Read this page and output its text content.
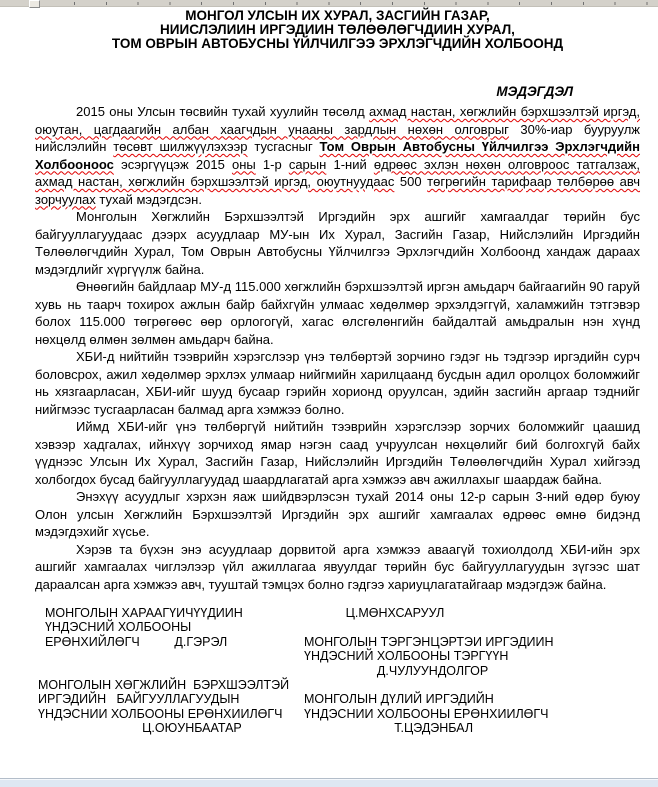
МОНГОЛ УЛСЫН ИХ ХУРАЛ, ЗАСГИЙН ГАЗАР,
НИИСЛЭЛИИН ИРГЭДИИН ТӨЛӨӨЛӨГЧДИИН ХУРАЛ,
ТОМ ОВРЫН АВТОБУСНЫ ҮЙЛЧИЛГЭЭ ЭРХЛЭГЧДИЙН ХОЛБООНД
МЭДЭГДЭЛ

2015 оны Улсын төсвийн тухай хуулийн төсөлд ахмад настан, хөгжлийн бэрхшээлтэй иргэд, оюутан, цагдаагийн албан хаагчдын унааны зардлын нөхөн олговрыг 30%-иар бууруулж нийслэлийн төсөвт шилжүүлэхээр тусгасныг Том Оврын Автобусны Үйлчилгээ Эрхлэгчдийн Холбооноос эсэргүүцэж 2015 оны 1-р сарын 1-ний өдрөөс эхлэн нөхөн олговроос татгалзаж, ахмад настан, хөгжлийн бэрхшээлтэй иргэд, оюутнуудаас 500 төгрөгийн тарифаар төлбөрөө авч зорчуулах тухай мэдэгдсэн.

Монголын Хөгжлийн Бэрхшээлтэй Иргэдийн эрх ашгийг хамгаалдаг төрийн бус байгууллагуудаас дээрх асуудлаар МУ-ын Их Хурал, Засгийн Газар, Нийслэлийн Иргэдийн Төлөөлөгчдийн Хурал, Том Оврын Автобусны Үйлчилгээ Эрхлэгчдийн Холбоонд хандаж дараах мэдэгдлийг хүргүүлж байна.

Өнөөгийн байдлаар МУ-д 115.000 хөгжлийн бэрхшээлтэй иргэн амьдарч байгаагийн 90 гаруй хувь нь таарч тохирох ажлын байр байхгүйн улмаас хөдөлмөр эрхэлдэггүй, халамжийн тэтгэвэр болох 115.000 төгрөгөөс өөр орлогогүй, хагас өлсгөлөнгийн байдалтай амьдралын нэн хүнд нөхцөлд өлмөн зөлмөн амьдарч байна.

ХБИ-д нийтийн тээврийн хэрэгслээр үнэ төлбөртэй зорчино гэдэг нь тэдгээр иргэдийн сурч боловсрох, ажил хөдөлмөр эрхлэх улмаар нийгмийн харилцаанд бусдын адил оролцох боломжийг нь хязгаарласан, ХБИ-ийг шууд бусаар гэрийн хорионд оруулсан, эдийн засгийн аргаар тэднийг нийгмээс тусгаарласан балмад арга хэмжээ болно.

Иймд ХБИ-ийг үнэ төлбөргүй нийтийн тээврийн хэрэгслээр зорчих боломжийг цаашид хэвээр хадгалах, ийнхүү зорчиход ямар нэгэн саад учруулсан нөхцөлийг бий болгохгүй байх үүднээс Улсын Их Хурал, Засгийн Газар, Нийслэлийн Иргэдийн Төлөөлөгчдийн Хурал хийгээд холбогдох бусад байгууллагуудад шаардлагатай арга хэмжээ авч ажиллахыг шаардаж байна.

Энэхүү асуудлыг хэрхэн яаж шийдвэрлэсэн тухай 2014 оны 12-р сарын 3-ний өдөр буюу Олон улсын Хөгжлийн Бэрхшээлтэй Иргэдийн эрх ашгийг хамгаалах өдрөөс өмнө бидэнд мэдэгдэхийг хүсье.

Хэрэв та бүхэн энэ асуудлаар дорвитой арга хэмжээ аваагүй тохиолдолд ХБИ-ийн эрх ашгийг хамгаалах чиглэлээр үйл ажиллагаа явуулдаг төрийн бус байгууллагуудын зүгээс шат дараалсан арга хэмжээ авч, тууштай тэмцэх болно гэдгээ хариуцлагатайгаар мэдэгдэж байна.

МОНГОЛЫН ХАРААГҮИЧҮҮДИИН	Ц.МӨНХСАРУУЛ
ҮНДЭСНИЙ ХОЛБООНЫ
ЕРӨНХИЙЛӨГЧ          Д.ГЭРЭЛ	МОНГОЛЫН ТЭРГЭНЦЭРТЭИ ИРГЭДИИН
ҮНДЭСНИЙ ХОЛБООНЫ ТЭРГҮҮН
Д.ЧУЛУУНДОЛГОР
МОНГОЛЫН ХӨГЖЛИЙН  БЭРХШЭЭЛТЭЙ
ИРГЭДИЙН   БАЙГУУЛЛАГУУДЫН	МОНГОЛЫН ДҮЛИЙ ИРГЭДИЙН
ҮНДЭСНИИ ХОЛБООНЫ ЕРӨНХИИЛӨГЧ	ҮНДЭСНИИ ХОЛБООНЫ ЕРӨНХИИЛӨГЧ
Ц.ОЮУНБААТАР	Т.ЦЭДЭНБАЛ
